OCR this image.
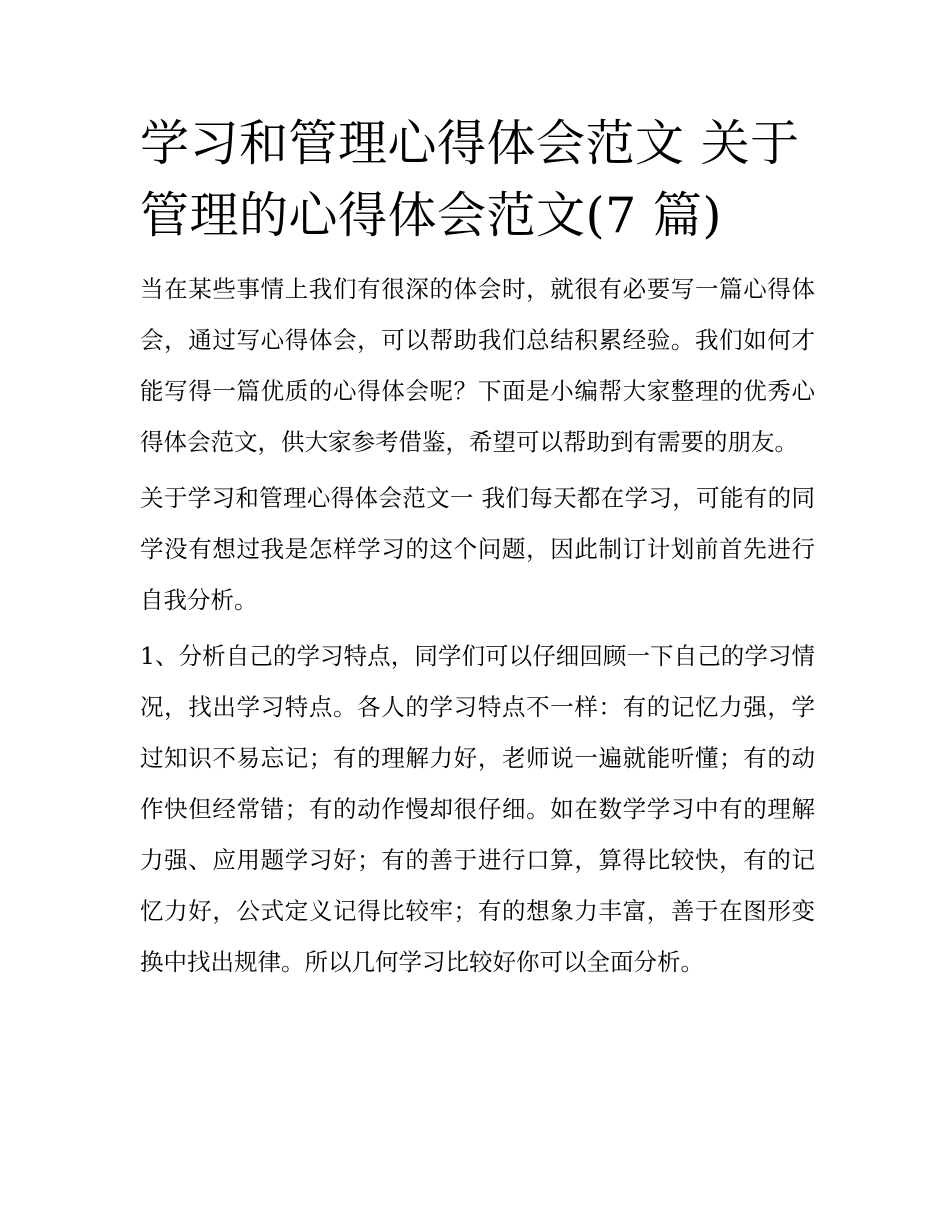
学习和管理心得体会范文 关于管理的心得体会范文(7 篇)

当在某些事情上我们有很深的体会时，就很有必要写一篇心得体会，通过写心得体会，可以帮助我们总结积累经验。我们如何才能写得一篇优质的心得体会呢？下面是小编帮大家整理的优秀心得体会范文，供大家参考借鉴，希望可以帮助到有需要的朋友。

关于学习和管理心得体会范文一 我们每天都在学习，可能有的同学没有想过我是怎样学习的这个问题，因此制订计划前首先进行自我分析。

1、分析自己的学习特点，同学们可以仔细回顾一下自己的学习情况，找出学习特点。各人的学习特点不一样：有的记忆力强，学过知识不易忘记；有的理解力好，老师说一遍就能听懂；有的动作快但经常错；有的动作慢却很仔细。如在数学学习中有的理解力强、应用题学习好；有的善于进行口算，算得比较快，有的记忆力好，公式定义记得比较牢；有的想象力丰富，善于在图形变换中找出规律。所以几何学习比较好你可以全面分析。
